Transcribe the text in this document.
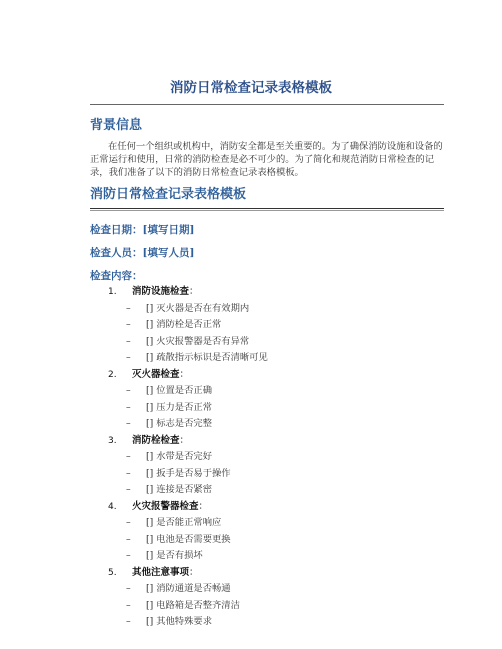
消防日常检查记录表格模板
背景信息

在任何一个组织或机构中，消防安全都是至关重要的。为了确保消防设施和设备的正常运行和使用，日常的消防检查是必不可少的。为了简化和规范消防日常检查的记录，我们准备了以下的消防日常检查记录表格模板。

消防日常检查记录表格模板
检查日期：[填写日期]
检查人员：[填写人员]
检查内容：
1. 消防设施检查：
– [] 灭火器是否在有效期内
– [] 消防栓是否正常
– [] 火灾报警器是否有异常
– [] 疏散指示标识是否清晰可见
2. 灭火器检查：
– [] 位置是否正确
– [] 压力是否正常
– [] 标志是否完整
3. 消防栓检查：
– [] 水带是否完好
– [] 扳手是否易于操作
– [] 连接是否紧密
4. 火灾报警器检查：
– [] 是否能正常响应
– [] 电池是否需要更换
– [] 是否有损坏
5. 其他注意事项：
– [] 消防通道是否畅通
– [] 电路箱是否整齐清洁
– [] 其他特殊要求
